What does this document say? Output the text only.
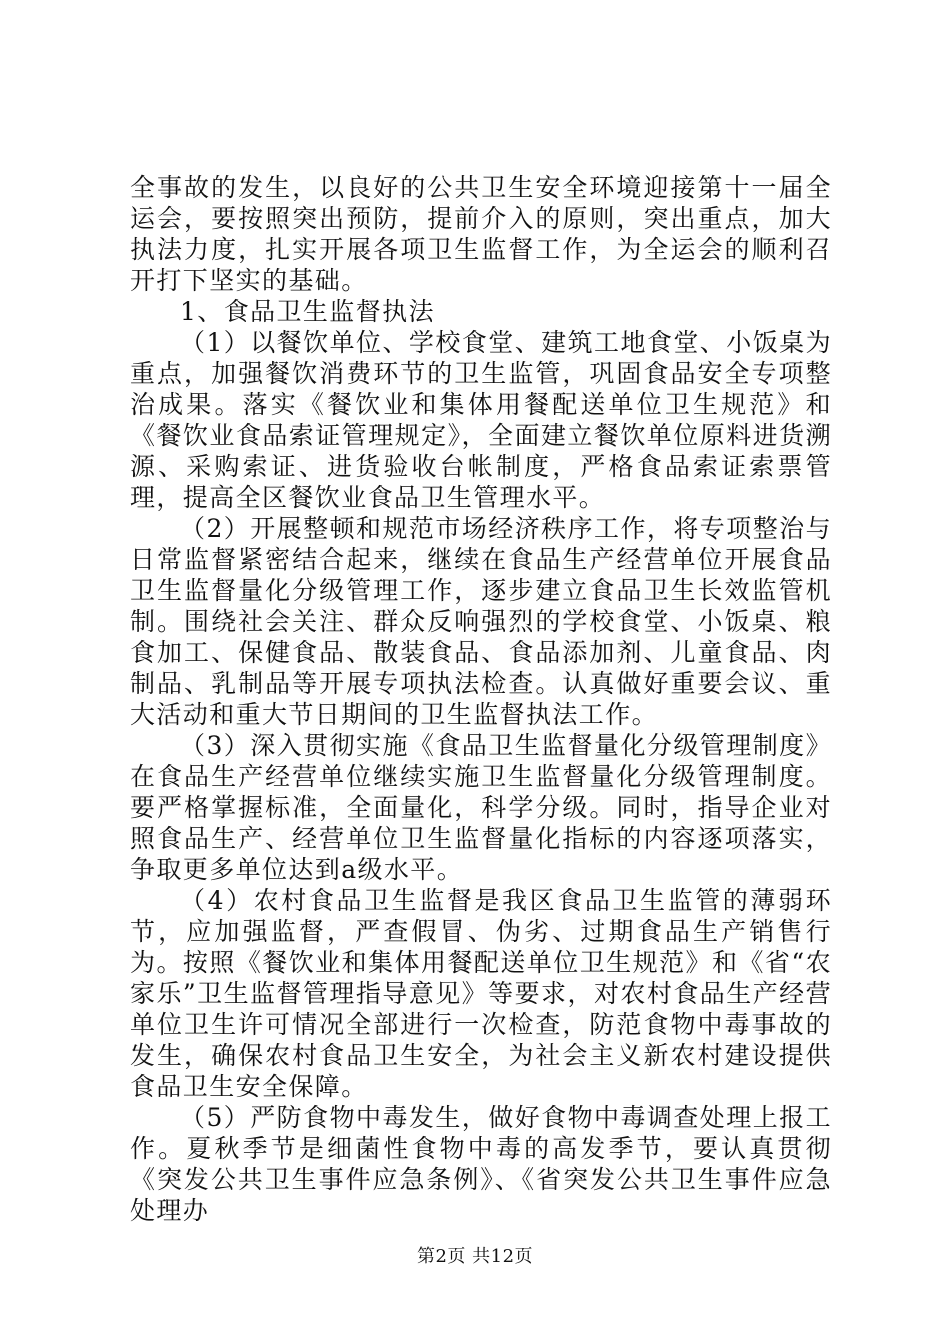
全事故的发生，以良好的公共卫生安全环境迎接第十一届全运会，要按照突出预防，提前介入的原则，突出重点，加大执法力度，扎实开展各项卫生监督工作，为全运会的顺利召开打下坚实的基础。

1、食品卫生监督执法

（1）以餐饮单位、学校食堂、建筑工地食堂、小饭桌为重点，加强餐饮消费环节的卫生监管，巩固食品安全专项整治成果。落实《餐饮业和集体用餐配送单位卫生规范》和《餐饮业食品索证管理规定》，全面建立餐饮单位原料进货溯源、采购索证、进货验收台帐制度，严格食品索证索票管理，提高全区餐饮业食品卫生管理水平。

（2）开展整顿和规范市场经济秩序工作，将专项整治与日常监督紧密结合起来，继续在食品生产经营单位开展食品卫生监督量化分级管理工作，逐步建立食品卫生长效监管机制。围绕社会关注、群众反响强烈的学校食堂、小饭桌、粮食加工、保健食品、散装食品、食品添加剂、儿童食品、肉制品、乳制品等开展专项执法检查。认真做好重要会议、重大活动和重大节日期间的卫生监督执法工作。

（3）深入贯彻实施《食品卫生监督量化分级管理制度》在食品生产经营单位继续实施卫生监督量化分级管理制度。要严格掌握标准，全面量化，科学分级。同时，指导企业对照食品生产、经营单位卫生监督量化指标的内容逐项落实，争取更多单位达到a级水平。

（4）农村食品卫生监督是我区食品卫生监管的薄弱环节，应加强监督，严查假冒、伪劣、过期食品生产销售行为。按照《餐饮业和集体用餐配送单位卫生规范》和《省“农家乐”卫生监督管理指导意见》等要求，对农村食品生产经营单位卫生许可情况全部进行一次检查，防范食物中毒事故的发生，确保农村食品卫生安全，为社会主义新农村建设提供食品卫生安全保障。

（5）严防食物中毒发生，做好食物中毒调查处理上报工作。夏秋季节是细菌性食物中毒的高发季节，要认真贯彻《突发公共卫生事件应急条例》、《省突发公共卫生事件应急处理办

第2页 共12页
